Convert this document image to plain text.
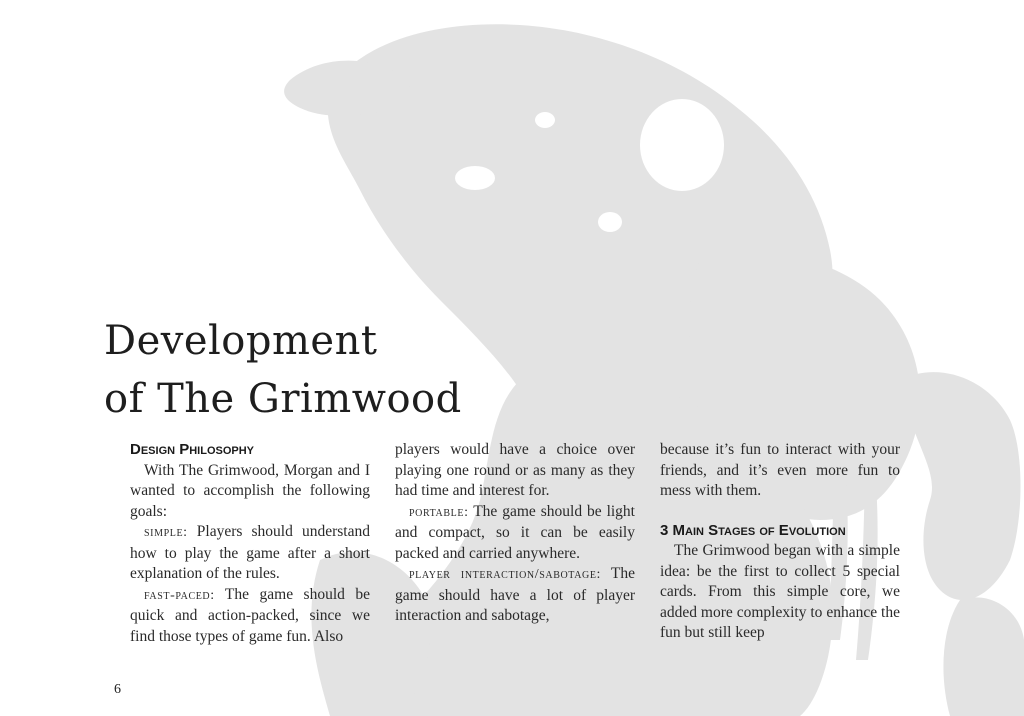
Development
of The Grimwood
Design Philosophy

With The Grimwood, Morgan and I wanted to accomplish the following goals:

simple: Players should understand how to play the game after a short explanation of the rules.

fast-paced: The game should be quick and action-packed, since we find those types of game fun. Also

players would have a choice over playing one round or as many as they had time and interest for.

portable: The game should be light and compact, so it can be easily packed and carried anywhere.

player interaction/sabotage: The game should have a lot of player interaction and sabotage,

because it’s fun to interact with your friends, and it’s even more fun to mess with them.

3 Main Stages of Evolution

The Grimwood began with a simple idea: be the first to collect 5 special cards. From this simple core, we added more complexity to enhance the fun but still keep

6
